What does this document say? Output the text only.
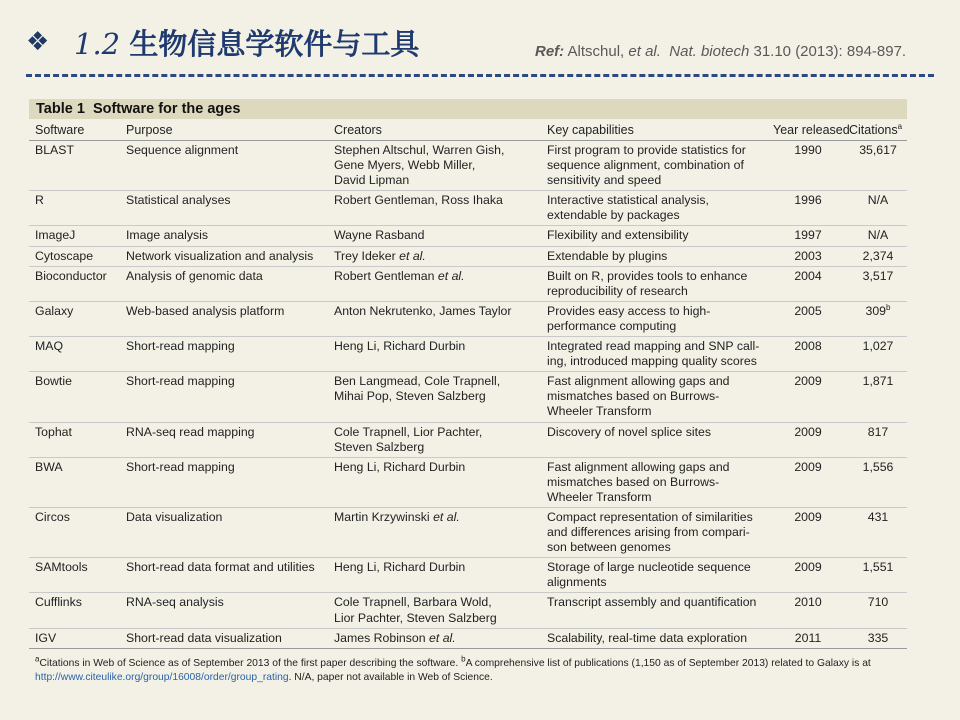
❖ 1.2 生物信息学软件与工具	Ref: Altschul, et al. Nat. biotech 31.10 (2013): 894-897.
Table 1 Software for the ages
Software	Purpose	Creators	Key capabilities	Year released	Citations$^a$
BLAST	Sequence alignment	Stephen Altschul, Warren Gish,
Gene Myers, Webb Miller,
David Lipman	First program to provide statistics for
sequence alignment, combination of
sensitivity and speed	1990	35,617
R	Statistical analyses	Robert Gentleman, Ross Ihaka	Interactive statistical analysis,
extendable by packages	1996	N/A
ImageJ	Image analysis	Wayne Rasband	Flexibility and extensibility	1997	N/A
Cytoscape	Network visualization and analysis	Trey Ideker et al.	Extendable by plugins	2003	2,374
Bioconductor	Analysis of genomic data	Robert Gentleman et al.	Built on R, provides tools to enhance
reproducibility of research	2004	3,517
Galaxy	Web-based analysis platform	Anton Nekrutenko, James Taylor	Provides easy access to high-
performance computing	2005	309$^b$
MAQ	Short-read mapping	Heng Li, Richard Durbin	Integrated read mapping and SNP call-
ing, introduced mapping quality scores	2008	1,027
Bowtie	Short-read mapping	Ben Langmead, Cole Trapnell,
Mihai Pop, Steven Salzberg	Fast alignment allowing gaps and
mismatches based on Burrows-
Wheeler Transform	2009	1,871
Tophat	RNA-seq read mapping	Cole Trapnell, Lior Pachter,
Steven Salzberg	Discovery of novel splice sites	2009	817
BWA	Short-read mapping	Heng Li, Richard Durbin	Fast alignment allowing gaps and
mismatches based on Burrows-
Wheeler Transform	2009	1,556
Circos	Data visualization	Martin Krzywinski et al.	Compact representation of similarities
and differences arising from compari-
son between genomes	2009	431
SAMtools	Short-read data format and utilities	Heng Li, Richard Durbin	Storage of large nucleotide sequence
alignments	2009	1,551
Cufflinks	RNA-seq analysis	Cole Trapnell, Barbara Wold,
Lior Pachter, Steven Salzberg	Transcript assembly and quantification	2010	710
IGV	Short-read data visualization	James Robinson et al.	Scalability, real-time data exploration	2011	335
$^a$Citations in Web of Science as of September 2013 of the first paper describing the software. $^b$A comprehensive list of publications (1,150 as of September 2013) related to Galaxy is at
http://www.citeulike.org/group/16008/order/group_rating. N/A, paper not available in Web of Science.
